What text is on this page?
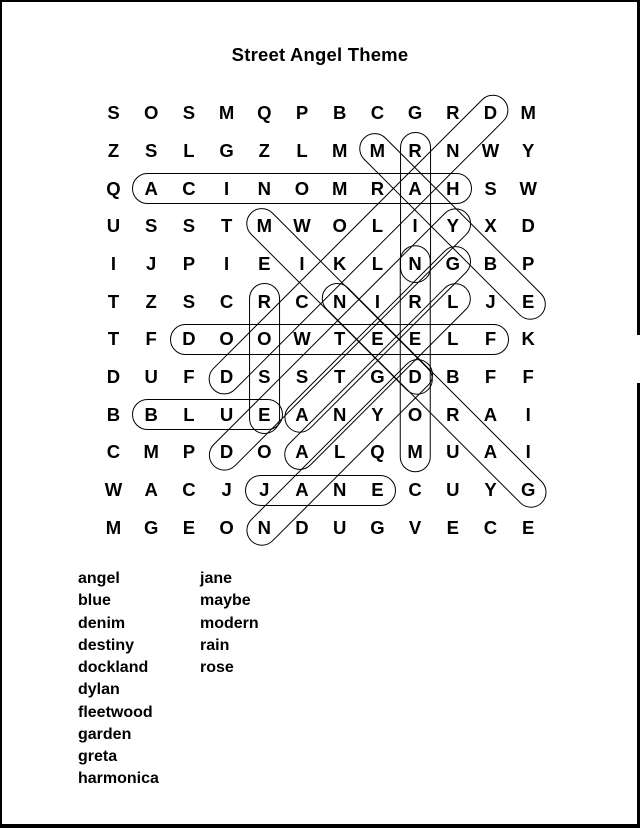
Street Angel Theme
S	O	S	M	Q	P	B	C	G	R	D	M
Z	S	L	G	Z	L	M	M	R	N	W	Y
Q	A	C	I	N	O	M	R	A	H	S	W
U	S	S	T	M	W	O	L	I	Y	X	D
I	J	P	I	E	I	K	L	N	G	B	P
T	Z	S	C	R	C	N	I	R	L	J	E
T	F	D	O	O	W	T	E	E	L	F	K
D	U	F	D	S	S	T	G	D	B	F	F
B	B	L	U	E	A	N	Y	O	R	A	I
C	M	P	D	O	A	L	Q	M	U	A	I
W	A	C	J	J	A	N	E	C	U	Y	G
M	G	E	O	N	D	U	G	V	E	C	E
angel
blue
denim
destiny
dockland
dylan
fleetwood
garden
greta
harmonica
jane
maybe
modern
rain
rose
